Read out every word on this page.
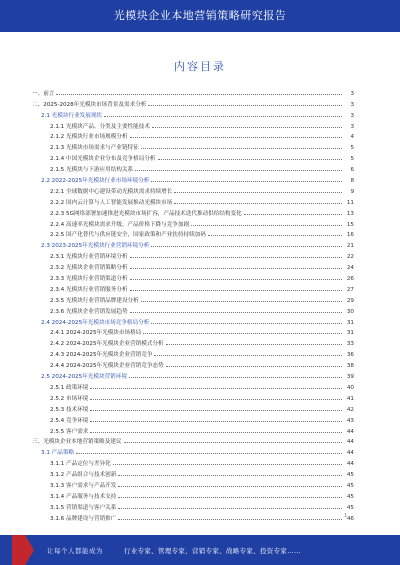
光模块企业本地营销策略研究报告
内容目录
一、前言	3
二、2025-2028年光模块市场背景及需求分析	3
2.1 光模块行业发展现状	3
2.1.1 光模块产品、分类及主要性能技术	3
2.1.2 光模块行业市场规模分析	4
2.1.3 光模块市场需求与产业链特征	5
2.1.4 中国光模块企业分布及竞争格局分析	5
2.1.5 光模块与下游应用结构关系	6
2.2 2022-2025年光模块行业市场环境分析	8
2.2.1 全球数据中心建设带动光模块需求持续增长	9
2.2.2 国内云计算与人工智能发展推动光模块市场	11
2.2.3 5G网络部署加速推进光模块市场扩容，产品技术迭代推动供给结构变化	13
2.2.4 高速率光模块需求升级，产品价格下降与竞争加剧	15
2.2.5 国产化替代与供应链安全，国家政策和产业扶持持续加码	16
2.3 2023-2025年光模块行业营销环境分析	21
2.3.1 光模块行业营销环境分析	22
2.3.2 光模块企业营销策略分析	24
2.3.3 光模块行业营销渠道分析	26
2.3.4 光模块行业营销服务分析	27
2.3.5 光模块行业营销品牌建设分析	29
2.3.6 光模块企业营销发展趋势	30
2.4 2024-2025年光模块市场竞争格局分析	31
2.4.1 2024-2025年光模块市场格局	31
2.4.2 2024-2025年光模块企业营销模式分析	33
2.4.3 2024-2025年光模块企业营销竞争	36
2.4.4 2024-2025年光模块企业营销竞争态势	38
2.5 2024-2025年光模块营销环境	39
2.5.1 政策环境	40
2.5.2 市场环境	41
2.5.3 技术环境	42
2.5.4 竞争环境	43
2.5.5 客户需求	44
三、光模块企业本地营销策略及建议	44
3.1 产品策略	44
3.1.1 产品定位与差异化	44
3.1.2 产品组合与技术创新	45
3.1.3 客户需求与产品开发	45
3.1.4 产品服务与技术支持	45
3.1.5 营销渠道与客户关系	45
3.1.6 品牌建设与营销推广	46
1
让每个人都能成为	行业专家、管理专家、营销专家、战略专家、投资专家……
